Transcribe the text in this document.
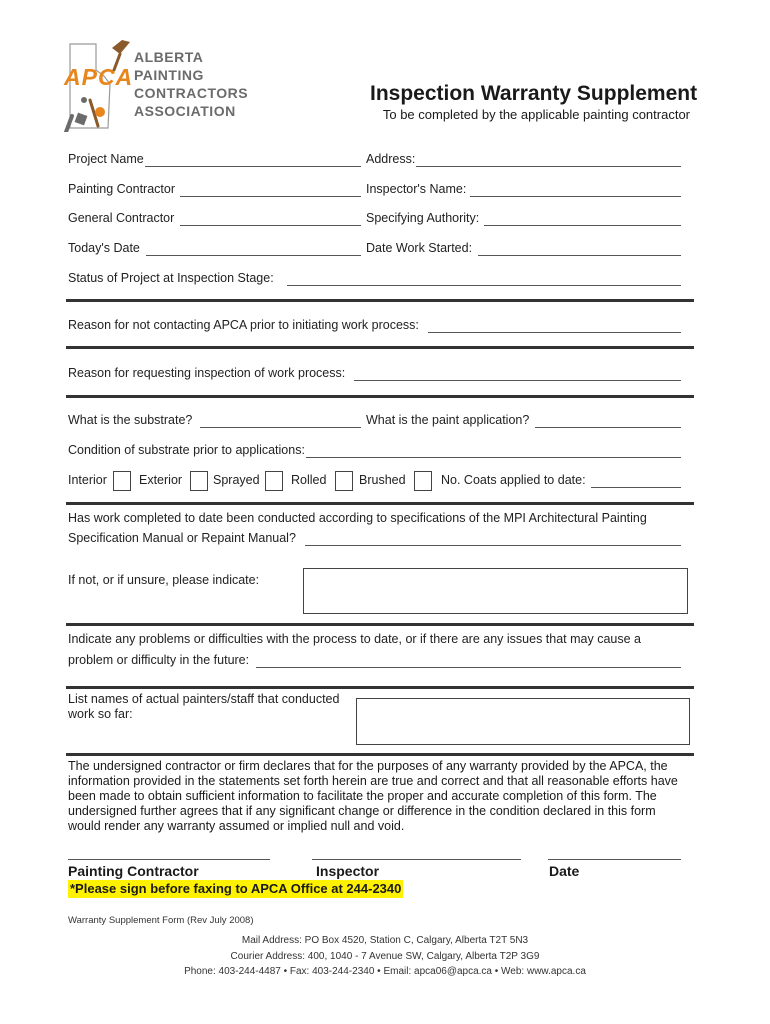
APCA
ALBERTA
PAINTING
CONTRACTORS
ASSOCIATION
Inspection Warranty Supplement
To be completed by the applicable painting contractor
Project Name	Address:
Painting Contractor	Inspector's Name:
General Contractor	Specifying Authority:
Today's Date	Date Work Started:
Status of Project at Inspection Stage:
Reason for not contacting APCA prior to initiating work process:
Reason for requesting inspection of work process:
What is the substrate?	What is the paint application?
Condition of substrate prior to applications:
Interior	Exterior Sprayed	Rolled	Brushed	No. Coats applied to date:
Has work completed to date been conducted according to specifications of the MPI Architectural Painting
Specification Manual or Repaint Manual?
If not, or if unsure, please indicate:
Indicate any problems or difficulties with the process to date, or if there are any issues that may cause a
problem or difficulty in the future:
List names of actual painters/staff that conducted
work so far:
The undersigned contractor or firm declares that for the purposes of any warranty provided by the APCA, the
information provided in the statements set forth herein are true and correct and that all reasonable efforts have
been made to obtain sufficient information to facilitate the proper and accurate completion of this form. The
undersigned further agrees that if any significant change or difference in the condition declared in this form
would render any warranty assumed or implied null and void.
Painting Contractor	Inspector	Date
*Please sign before faxing to APCA Office at 244-2340
Warranty Supplement Form (Rev July 2008)
Mail Address: PO Box 4520, Station C, Calgary, Alberta T2T 5N3
Courier Address: 400, 1040 - 7 Avenue SW, Calgary, Alberta T2P 3G9
Phone: 403-244-4487 • Fax: 403-244-2340 • Email: apca06@apca.ca • Web: www.apca.ca
